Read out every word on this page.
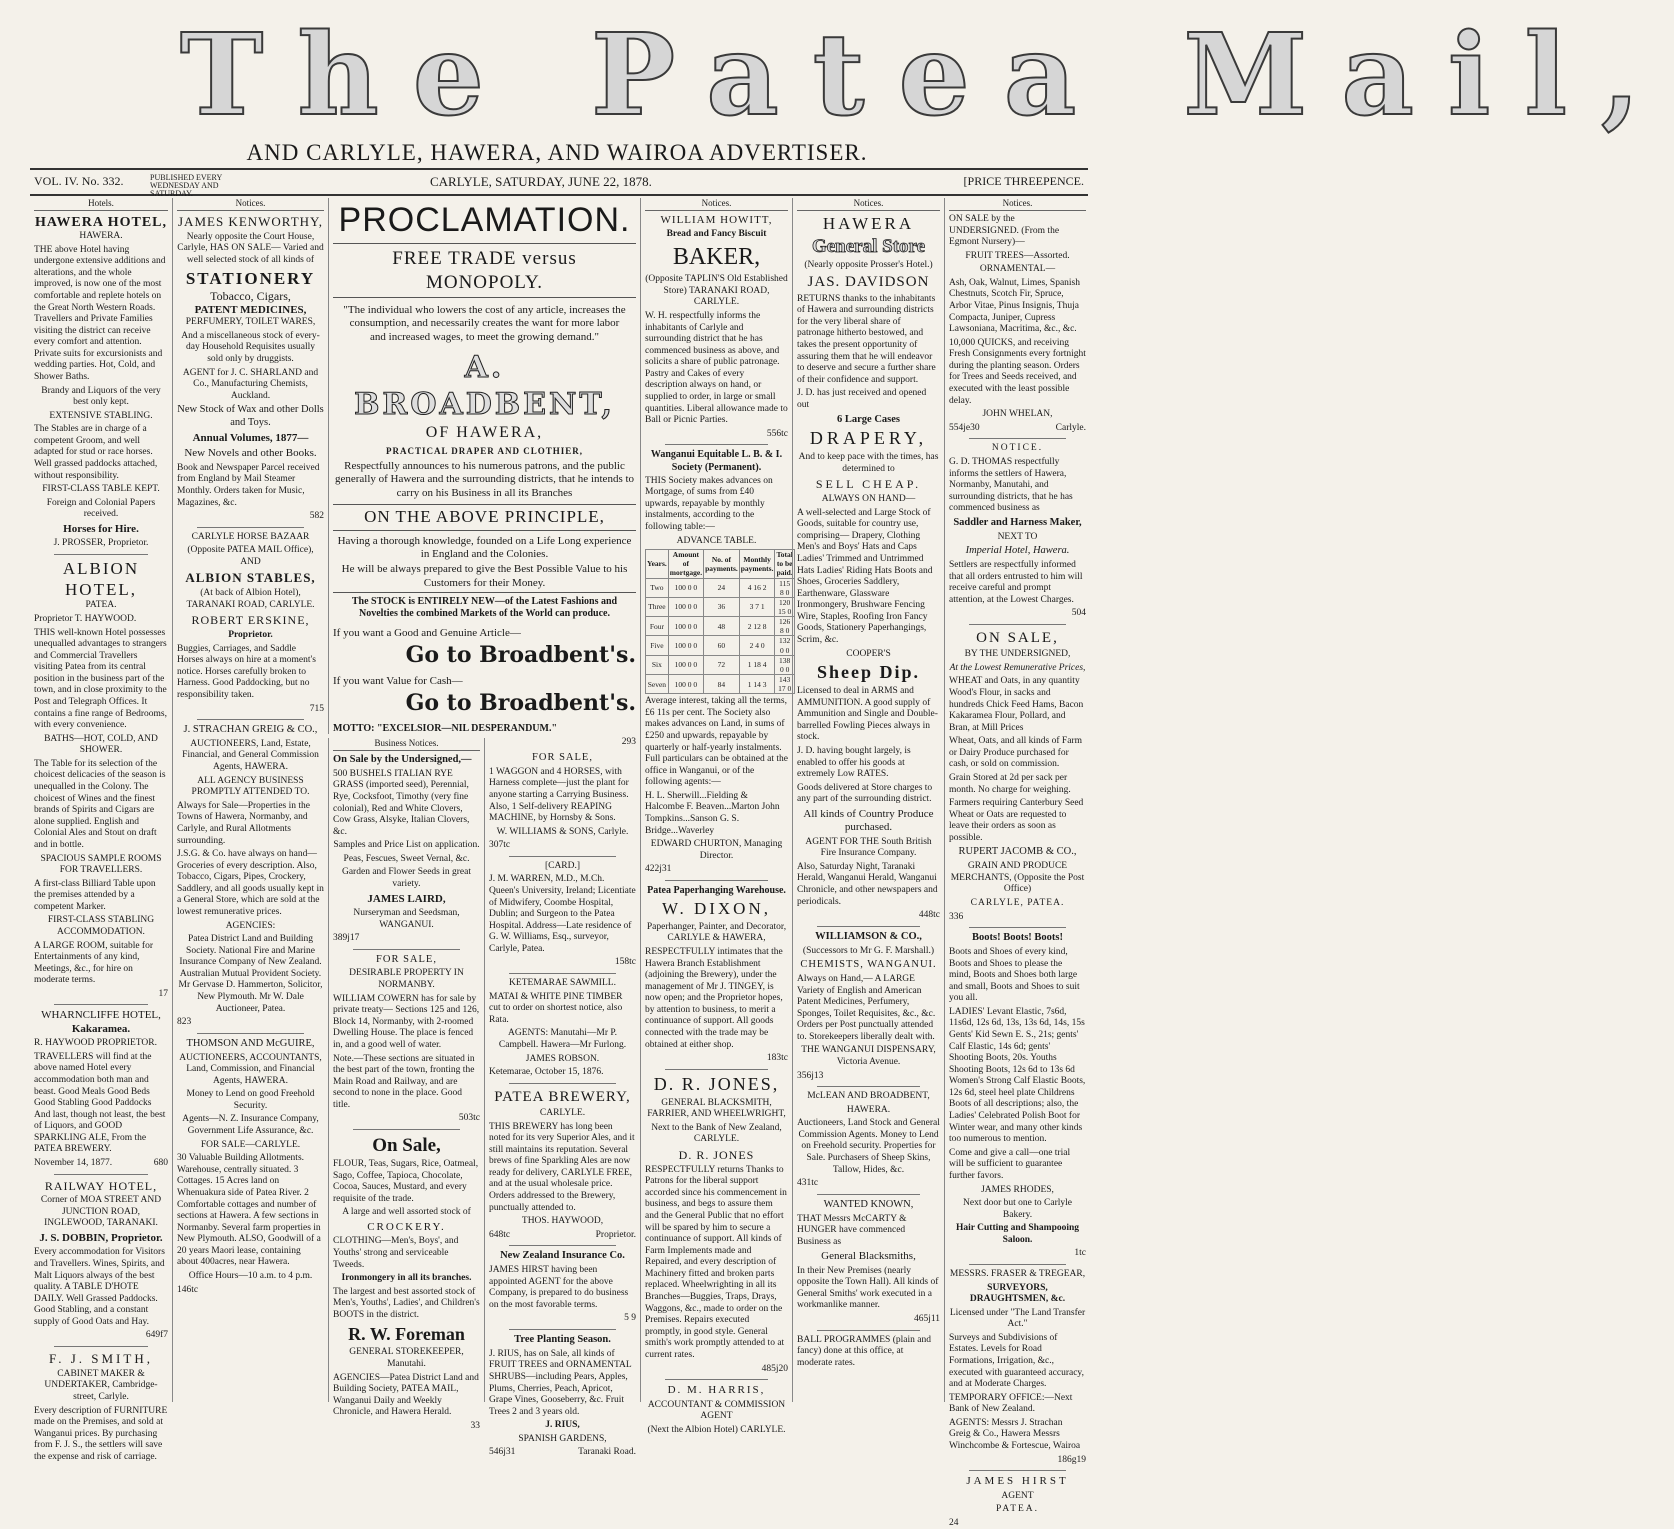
The Patea Mail,
AND CARLYLE, HAWERA, AND WAIROA ADVERTISER.
VOL. IV. No. 332.	PUBLISHED EVERY WEDNESDAY AND SATURDAY.
CARLYLE, SATURDAY, JUNE 22, 1878.	[PRICE THREEPENCE.
Hotels.
HAWERA HOTEL,
HAWERA.

THE above Hotel having undergone extensive additions and alterations, and the whole improved, is now one of the most comfortable and replete hotels on the Great North Western Roads. Travellers and Private Families visiting the district can receive every comfort and attention. Private suits for excursionists and wedding parties. Hot, Cold, and Shower Baths.

Brandy and Liquors of the very best only kept.

EXTENSIVE STABLING.

The Stables are in charge of a competent Groom, and well adapted for stud or race horses. Well grassed paddocks attached, without responsibility.

FIRST-CLASS TABLE KEPT.

Foreign and Colonial Papers received.

Horses for Hire.

J. PROSSER, Proprietor.

ALBION HOTEL,
PATEA.

Proprietor T. HAYWOOD.

THIS well-known Hotel possesses unequalled advantages to strangers and Commercial Travellers visiting Patea from its central position in the business part of the town, and in close proximity to the Post and Telegraph Offices. It contains a fine range of Bedrooms, with every convenience.

BATHS—HOT, COLD, AND SHOWER.

The Table for its selection of the choicest delicacies of the season is unequalled in the Colony. The choicest of Wines and the finest brands of Spirits and Cigars are alone supplied. English and Colonial Ales and Stout on draft and in bottle.

SPACIOUS SAMPLE ROOMS FOR TRAVELLERS.

A first-class Billiard Table upon the premises attended by a competent Marker.

FIRST-CLASS STABLING ACCOMMODATION.

A LARGE ROOM, suitable for Entertainments of any kind, Meetings, &c., for hire on moderate terms.

17

WHARNCLIFFE HOTEL,
Kakaramea.

R. HAYWOOD PROPRIETOR.

TRAVELLERS will find at the above named Hotel every accommodation both man and beast. Good Meals Good Beds Good Stabling Good Paddocks And last, though not least, the best of Liquors, and GOOD SPARKLING ALE, From the PATEA BREWERY.

November 14, 1877.	680

RAILWAY HOTEL,

Corner of MOA STREET AND JUNCTION ROAD, INGLEWOOD, TARANAKI.

J. S. DOBBIN, Proprietor.

Every accommodation for Visitors and Travellers. Wines, Spirits, and Malt Liquors always of the best quality. A TABLE D'HOTE DAILY. Well Grassed Paddocks. Good Stabling, and a constant supply of Good Oats and Hay.

649f7

F. J. SMITH,

CABINET MAKER & UNDERTAKER, Cambridge-street, Carlyle.

Every description of FURNITURE made on the Premises, and sold at Wanganui prices. By purchasing from F. J. S., the settlers will save the expense and risk of carriage.

Notices.
JAMES KENWORTHY,

Nearly opposite the Court House, Carlyle, HAS ON SALE— Varied and well selected stock of all kinds of

STATIONERY
Tobacco, Cigars,
PATENT MEDICINES,
PERFUMERY, TOILET WARES,

And a miscellaneous stock of every-day Household Requisites usually sold only by druggists.

AGENT for J. C. SHARLAND and Co., Manufacturing Chemists, Auckland.

New Stock of Wax and other Dolls and Toys.

Annual Volumes, 1877—

New Novels and other Books.

Book and Newspaper Parcel received from England by Mail Steamer Monthly. Orders taken for Music, Magazines, &c.

582

CARLYLE HORSE BAZAAR

(Opposite PATEA MAIL Office), AND

ALBION STABLES,

(At back of Albion Hotel), TARANAKI ROAD, CARLYLE.

ROBERT ERSKINE,

Proprietor.

Buggies, Carriages, and Saddle Horses always on hire at a moment's notice. Horses carefully broken to Harness. Good Paddocking, but no responsibility taken.

715

J. STRACHAN GREIG & CO.,

AUCTIONEERS, Land, Estate, Financial, and General Commission Agents, HAWERA.

ALL AGENCY BUSINESS PROMPTLY ATTENDED TO.

Always for Sale—Properties in the Towns of Hawera, Normanby, and Carlyle, and Rural Allotments surrounding.

J.S.G. & Co. have always on hand—Groceries of every description. Also, Tobacco, Cigars, Pipes, Crockery, Saddlery, and all goods usually kept in a General Store, which are sold at the lowest remunerative prices.

AGENCIES:

Patea District Land and Building Society. National Fire and Marine Insurance Company of New Zealand. Australian Mutual Provident Society. Mr Gervase D. Hammerton, Solicitor, New Plymouth. Mr W. Dale Auctioneer, Patea.

823

THOMSON AND McGUIRE,

AUCTIONEERS, ACCOUNTANTS, Land, Commission, and Financial Agents, HAWERA.

Money to Lend on good Freehold Security.

Agents—N. Z. Insurance Company, Government Life Assurance, &c.

FOR SALE—CARLYLE.

30 Valuable Building Allotments. Warehouse, centrally situated. 3 Cottages. 15 Acres land on Whenuakura side of Patea River. 2 Comfortable cottages and number of sections at Hawera. A few sections in Normanby. Several farm properties in New Plymouth. ALSO, Goodwill of a 20 years Maori lease, containing about 400acres, near Hawera.

Office Hours—10 a.m. to 4 p.m.

146tc

PROCLAMATION.
FREE TRADE versus MONOPOLY.

"The individual who lowers the cost of any article, increases the consumption, and necessarily creates the want for more labor and increased wages, to meet the growing demand."

A. BROADBENT,
OF HAWERA,
PRACTICAL DRAPER AND CLOTHIER,

Respectfully announces to his numerous patrons, and the public generally of Hawera and the surrounding districts, that he intends to carry on his Business in all its Branches

ON THE ABOVE PRINCIPLE,

Having a thorough knowledge, founded on a Life Long experience in England and the Colonies.

He will be always prepared to give the Best Possible Value to his Customers for their Money.

The STOCK is ENTIRELY NEW—of the Latest Fashions and Novelties the combined Markets of the World can produce.

If you want a Good and Genuine Article—

Go to Broadbent's.

If you want Value for Cash—

Go to Broadbent's.

MOTTO: "EXCELSIOR—NIL DESPERANDUM."

293

Business Notices.

On Sale by the Undersigned,—

500 BUSHELS ITALIAN RYE GRASS (imported seed), Perennial, Rye, Cocksfoot, Timothy (very fine colonial), Red and White Clovers, Cow Grass, Alsyke, Italian Clovers, &c.

Samples and Price List on application.

Peas, Fescues, Sweet Vernal, &c.

Garden and Flower Seeds in great variety.

JAMES LAIRD,

Nurseryman and Seedsman, WANGANUI.

389j17

FOR SALE,

DESIRABLE PROPERTY IN NORMANBY.

WILLIAM COWERN has for sale by private treaty— Sections 125 and 126, Block 14, Normanby, with 2-roomed Dwelling House. The place is fenced in, and a good well of water.

Note.—These sections are situated in the best part of the town, fronting the Main Road and Railway, and are second to none in the place. Good title.

503tc

On Sale,

FLOUR, Teas, Sugars, Rice, Oatmeal, Sago, Coffee, Tapioca, Chocolate, Cocoa, Sauces, Mustard, and every requisite of the trade.

A large and well assorted stock of

CROCKERY.

CLOTHING—Men's, Boys', and Youths' strong and serviceable Tweeds.

Ironmongery in all its branches.

The largest and best assorted stock of Men's, Youths', Ladies', and Children's BOOTS in the district.

R. W. Foreman

GENERAL STOREKEEPER, Manutahi.

AGENCIES—Patea District Land and Building Society, PATEA MAIL, Wanganui Daily and Weekly Chronicle, and Hawera Herald.

33

FOR SALE,

1 WAGGON and 4 HORSES, with Harness complete—just the plant for anyone starting a Carrying Business. Also, 1 Self-delivery REAPING MACHINE, by Hornsby & Sons.

W. WILLIAMS & SONS, Carlyle.

307tc

[CARD.]

J. M. WARREN, M.D., M.Ch. Queen's University, Ireland; Licentiate of Midwifery, Coombe Hospital, Dublin; and Surgeon to the Patea Hospital. Address—Late residence of G. W. Williams, Esq., surveyor, Carlyle, Patea.

158tc

KETEMARAE SAWMILL.

MATAI & WHITE PINE TIMBER cut to order on shortest notice, also Rata.

AGENTS: Manutahi—Mr P. Campbell. Hawera—Mr Furlong.

JAMES ROBSON.

Ketemarae, October 15, 1876.

PATEA BREWERY,

CARLYLE.

THIS BREWERY has long been noted for its very Superior Ales, and it still maintains its reputation. Several brews of fine Sparkling Ales are now ready for delivery, CARLYLE FREE, and at the usual wholesale price. Orders addressed to the Brewery, punctually attended to.

THOS. HAYWOOD,

648tc	Proprietor.

New Zealand Insurance Co.

JAMES HIRST having been appointed AGENT for the above Company, is prepared to do business on the most favorable terms.

5 9

Tree Planting Season.

J. RIUS, has on Sale, all kinds of FRUIT TREES and ORNAMENTAL SHRUBS—including Pears, Apples, Plums, Cherries, Peach, Apricot, Grape Vines, Gooseberry, &c. Fruit Trees 2 and 3 years old.

J. RIUS,

SPANISH GARDENS,

546j31	Taranaki Road.

Notices.
WILLIAM HOWITT,

Bread and Fancy Biscuit

BAKER,

(Opposite TAPLIN'S Old Established Store) TARANAKI ROAD, CARLYLE.

W. H. respectfully informs the inhabitants of Carlyle and surrounding district that he has commenced business as above, and solicits a share of public patronage. Pastry and Cakes of every description always on hand, or supplied to order, in large or small quantities. Liberal allowance made to Ball or Picnic Parties.

556tc

Wanganui Equitable L. B. & I. Society (Permanent).

THIS Society makes advances on Mortgage, of sums from £40 upwards, repayable by monthly instalments, according to the following table:—

ADVANCE TABLE.

Years.	Amount of mortgage.	No. of payments.	Monthly payments.	Total to be paid.
Two	100 0 0	24	4 16 2	115 8 0
Three	100 0 0	36	3 7 1	120 15 0
Four	100 0 0	48	2 12 8	126 8 0
Five	100 0 0	60	2 4 0	132 0 0
Six	100 0 0	72	1 18 4	138 0 0
Seven	100 0 0	84	1 14 3	143 17 0

Average interest, taking all the terms, £6 11s per cent. The Society also makes advances on Land, in sums of £250 and upwards, repayable by quarterly or half-yearly instalments. Full particulars can be obtained at the office in Wanganui, or of the following agents:—

H. L. Sherwill...Fielding & Halcombe F. Beaven...Marton John Tompkins...Sanson G. S. Bridge...Waverley

EDWARD CHURTON, Managing Director.

422j31

Patea Paperhanging Warehouse.

W. DIXON,

Paperhanger, Painter, and Decorator, CARLYLE & HAWERA,

RESPECTFULLY intimates that the Hawera Branch Establishment (adjoining the Brewery), under the management of Mr J. TINGEY, is now open; and the Proprietor hopes, by attention to business, to merit a continuance of support. All goods connected with the trade may be obtained at either shop.

183tc

D. R. JONES,

GENERAL BLACKSMITH, FARRIER, AND WHEELWRIGHT,

Next to the Bank of New Zealand, CARLYLE.

D. R. JONES

RESPECTFULLY returns Thanks to Patrons for the liberal support accorded since his commencement in business, and begs to assure them and the General Public that no effort will be spared by him to secure a continuance of support. All kinds of Farm Implements made and Repaired, and every description of Machinery fitted and broken parts replaced. Wheelwrighting in all its Branches—Buggies, Traps, Drays, Waggons, &c., made to order on the Premises. Repairs executed promptly, in good style. General smith's work promptly attended to at current rates.

485j20

D. M. HARRIS,

ACCOUNTANT & COMMISSION AGENT

(Next the Albion Hotel) CARLYLE.

Notices.
HAWERA
General Store

(Nearly opposite Prosser's Hotel.)

JAS. DAVIDSON

RETURNS thanks to the inhabitants of Hawera and surrounding districts for the very liberal share of patronage hitherto bestowed, and takes the present opportunity of assuring them that he will endeavor to deserve and secure a further share of their confidence and support.

J. D. has just received and opened out

6 Large Cases

DRAPERY,

And to keep pace with the times, has determined to

SELL CHEAP.

ALWAYS ON HAND—

A well-selected and Large Stock of Goods, suitable for country use, comprising— Drapery, Clothing Men's and Boys' Hats and Caps Ladies' Trimmed and Untrimmed Hats Ladies' Riding Hats Boots and Shoes, Groceries Saddlery, Earthenware, Glassware Ironmongery, Brushware Fencing Wire, Staples, Roofing Iron Fancy Goods, Stationery Paperhangings, Scrim, &c.

COOPER'S

Sheep Dip.

Licensed to deal in ARMS and AMMUNITION. A good supply of Ammunition and Single and Double-barrelled Fowling Pieces always in stock.

J. D. having bought largely, is enabled to offer his goods at extremely Low RATES.

Goods delivered at Store charges to any part of the surrounding district.

All kinds of Country Produce purchased.

AGENT FOR THE South British Fire Insurance Company.

Also, Saturday Night, Taranaki Herald, Wanganui Herald, Wanganui Chronicle, and other newspapers and periodicals.

448tc

WILLIAMSON & CO.,

(Successors to Mr G. F. Marshall.)

CHEMISTS, WANGANUI.

Always on Hand,— A LARGE Variety of English and American Patent Medicines, Perfumery, Sponges, Toilet Requisites, &c., &c. Orders per Post punctually attended to. Storekeepers liberally dealt with.

THE WANGANUI DISPENSARY, Victoria Avenue.

356j13

McLEAN AND BROADBENT,

HAWERA.

Auctioneers, Land Stock and General Commission Agents. Money to Lend on Freehold security. Properties for Sale. Purchasers of Sheep Skins, Tallow, Hides, &c.

431tc

WANTED KNOWN,

THAT Messrs McCARTY & HUNGER have commenced Business as

General Blacksmiths,

In their New Premises (nearly opposite the Town Hall). All kinds of General Smiths' work executed in a workmanlike manner.

465j11

BALL PROGRAMMES (plain and fancy) done at this office, at moderate rates.

Notices.

ON SALE by the UNDERSIGNED. (From the Egmont Nursery)—

FRUIT TREES—Assorted.

ORNAMENTAL—

Ash, Oak, Walnut, Limes, Spanish Chestnuts, Scotch Fir, Spruce, Arbor Vitae, Pinus Insignis, Thuja Compacta, Juniper, Cupress Lawsoniana, Macritima, &c., &c.

10,000 QUICKS, and receiving Fresh Consignments every fortnight during the planting season. Orders for Trees and Seeds received, and executed with the least possible delay.

JOHN WHELAN,

554je30	Carlyle.

NOTICE.

G. D. THOMAS respectfully informs the settlers of Hawera, Normanby, Manutahi, and surrounding districts, that he has commenced business as

Saddler and Harness Maker,

NEXT TO

Imperial Hotel, Hawera.

Settlers are respectfully informed that all orders entrusted to him will receive careful and prompt attention, at the Lowest Charges.

504

ON SALE,

BY THE UNDERSIGNED,

At the Lowest Remunerative Prices,

WHEAT and Oats, in any quantity Wood's Flour, in sacks and hundreds Chick Feed Hams, Bacon Kakaramea Flour, Pollard, and Bran, at Mill Prices

Wheat, Oats, and all kinds of Farm or Dairy Produce purchased for cash, or sold on commission.

Grain Stored at 2d per sack per month. No charge for weighing.

Farmers requiring Canterbury Seed Wheat or Oats are requested to leave their orders as soon as possible.

RUPERT JACOMB & CO.,

GRAIN AND PRODUCE MERCHANTS, (Opposite the Post Office)

CARLYLE, PATEA.

336

Boots! Boots! Boots!

Boots and Shoes of every kind, Boots and Shoes to please the mind, Boots and Shoes both large and small, Boots and Shoes to suit you all.

LADIES' Levant Elastic, 7s6d, 11s6d, 12s 6d, 13s, 13s 6d, 14s, 15s Gents' Kid Sewn E. S., 21s; gents' Calf Elastic, 14s 6d; gents' Shooting Boots, 20s. Youths Shooting Boots, 12s 6d to 13s 6d Women's Strong Calf Elastic Boots, 12s 6d, steel heel plate Childrens Boots of all descriptions; also, the Ladies' Celebrated Polish Boot for Winter wear, and many other kinds too numerous to mention.

Come and give a call—one trial will be sufficient to guarantee further favors.

JAMES RHODES,

Next door but one to Carlyle Bakery.

Hair Cutting and Shampooing Saloon.

1tc

MESSRS. FRASER & TREGEAR,

SURVEYORS, DRAUGHTSMEN, &c.

Licensed under "The Land Transfer Act."

Surveys and Subdivisions of Estates. Levels for Road Formations, Irrigation, &c., executed with guaranteed accuracy, and at Moderate Charges.

TEMPORARY OFFICE:—Next Bank of New Zealand.

AGENTS: Messrs J. Strachan Greig & Co., Hawera Messrs Winchcombe & Fortescue, Wairoa

186g19

JAMES HIRST

AGENT

PATEA.

24
